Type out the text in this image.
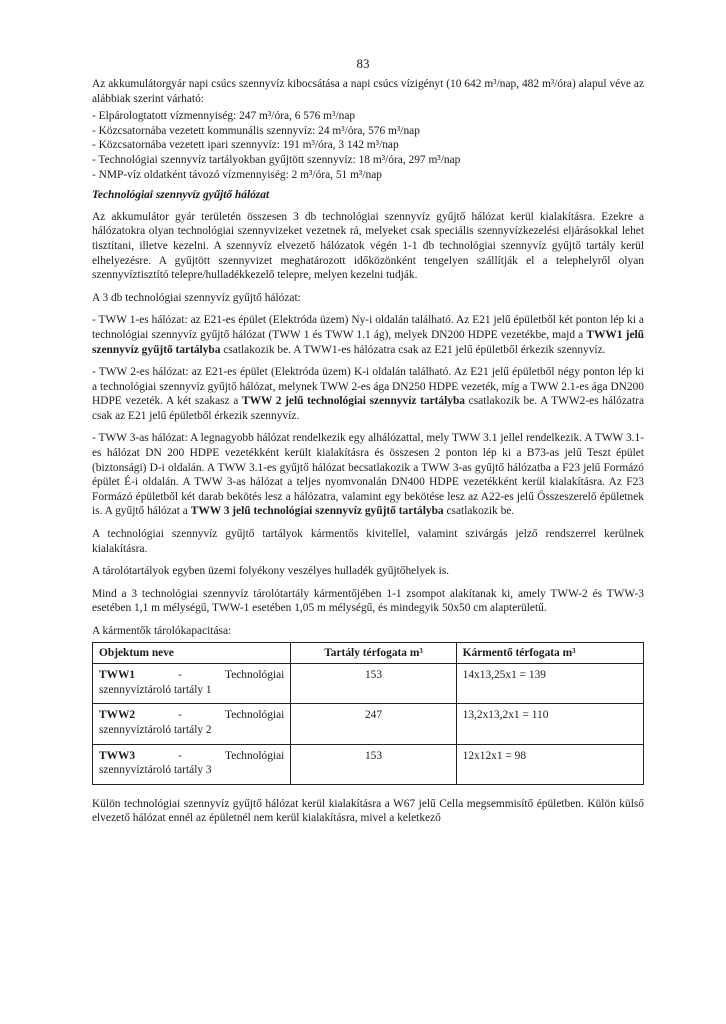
83

Az akkumulátorgyár napi csúcs szennyvíz kibocsátása a napi csúcs vízigényt (10 642 m³/nap, 482 m³/óra) alapul véve az alábbiak szerint várható:

- Elpárologtatott vízmennyiség: 247 m³/óra, 6 576 m³/nap
- Közcsatornába vezetett kommunális szennyvíz: 24 m³/óra, 576 m³/nap
- Közcsatornába vezetett ipari szennyvíz: 191 m³/óra, 3 142 m³/nap
- Technológiai szennyvíz tartályokban gyűjtött szennyvíz: 18 m³/óra, 297 m³/nap
- NMP-víz oldatként távozó vízmennyiség: 2 m³/óra, 51 m³/nap
Technológiai szennyvíz gyűjtő hálózat

Az akkumulátor gyár területén összesen 3 db technológiai szennyvíz gyűjtő hálózat kerül kialakításra. Ezekre a hálózatokra olyan technológiai szennyvizeket vezetnek rá, melyeket csak speciális szennyvízkezelési eljárásokkal lehet tisztítani, illetve kezelni. A szennyvíz elvezető hálózatok végén 1-1 db technológiai szennyvíz gyűjtő tartály kerül elhelyezésre. A gyűjtött szennyvizet meghatározott időközönként tengelyen szállítják el a telephelyről olyan szennyvíztisztító telepre/hulladékkezelő telepre, melyen kezelni tudják.

A 3 db technológiai szennyvíz gyűjtő hálózat:

- TWW 1-es hálózat: az E21-es épület (Elektróda üzem) Ny-i oldalán található. Az E21 jelű épületből két ponton lép ki a technológiai szennyvíz gyűjtő hálózat (TWW 1 és TWW 1.1 ág), melyek DN200 HDPE vezetékbe, majd a TWW1 jelű szennyvíz gyűjtő tartályba csatlakozik be. A TWW1-es hálózatra csak az E21 jelű épületből érkezik szennyvíz.

- TWW 2-es hálózat: az E21-es épület (Elektróda üzem) K-i oldalán található. Az E21 jelű épületből négy ponton lép ki a technológiai szennyvíz gyűjtő hálózat, melynek TWW 2-es ága DN250 HDPE vezeték, míg a TWW 2.1-es ága DN200 HDPE vezeték. A két szakasz a TWW 2 jelű technológiai szennyvíz tartályba csatlakozik be. A TWW2-es hálózatra csak az E21 jelű épületből érkezik szennyvíz.

- TWW 3-as hálózat: A legnagyobb hálózat rendelkezik egy alhálózattal, mely TWW 3.1 jellel rendelkezik. A TWW 3.1-es hálózat DN 200 HDPE vezetékként került kialakításra és összesen 2 ponton lép ki a B73-as jelű Teszt épület (biztonsági) D-i oldalán. A TWW 3.1-es gyűjtő hálózat becsatlakozik a TWW 3-as gyűjtő hálózatba a F23 jelű Formázó épület É-i oldalán. A TWW 3-as hálózat a teljes nyomvonalán DN400 HDPE vezetékként kerül kialakításra. Az F23 Formázó épületből két darab bekötés lesz a hálózatra, valamint egy bekötése lesz az A22-es jelű Összeszerelő épületnek is. A gyűjtő hálózat a TWW 3 jelű technológiai szennyvíz gyűjtő tartályba csatlakozik be.

A technológiai szennyvíz gyűjtő tartályok kármentős kivitellel, valamint szivárgás jelző rendszerrel kerülnek kialakításra.

A tárolótartályok egyben üzemi folyékony veszélyes hulladék gyűjtőhelyek is.

Mind a 3 technológiai szennyvíz tárolótartály kármentőjében 1-1 zsompot alakítanak ki, amely TWW-2 és TWW-3 esetében 1,1 m mélységű, TWW-1 esetében 1,05 m mélységű, és mindegyik 50x50 cm alapterületű.

A kármentők tárolókapacitása:

Objektum neve	Tartály térfogata m³	Kármentő térfogata m³

TWW1 - Technológiai
szennyvíztároló tartály 1	153	14x13,25x1 = 139

TWW2 - Technológiai
szennyvíztároló tartály 2	247	13,2x13,2x1 = 110

TWW3 - Technológiai
szennyvíztároló tartály 3	153	12x12x1 = 98

Külön technológiai szennyvíz gyűjtő hálózat kerül kialakításra a W67 jelű Cella megsemmisítő épületben. Külön külső elvezető hálózat ennél az épületnél nem kerül kialakításra, mivel a keletkező
